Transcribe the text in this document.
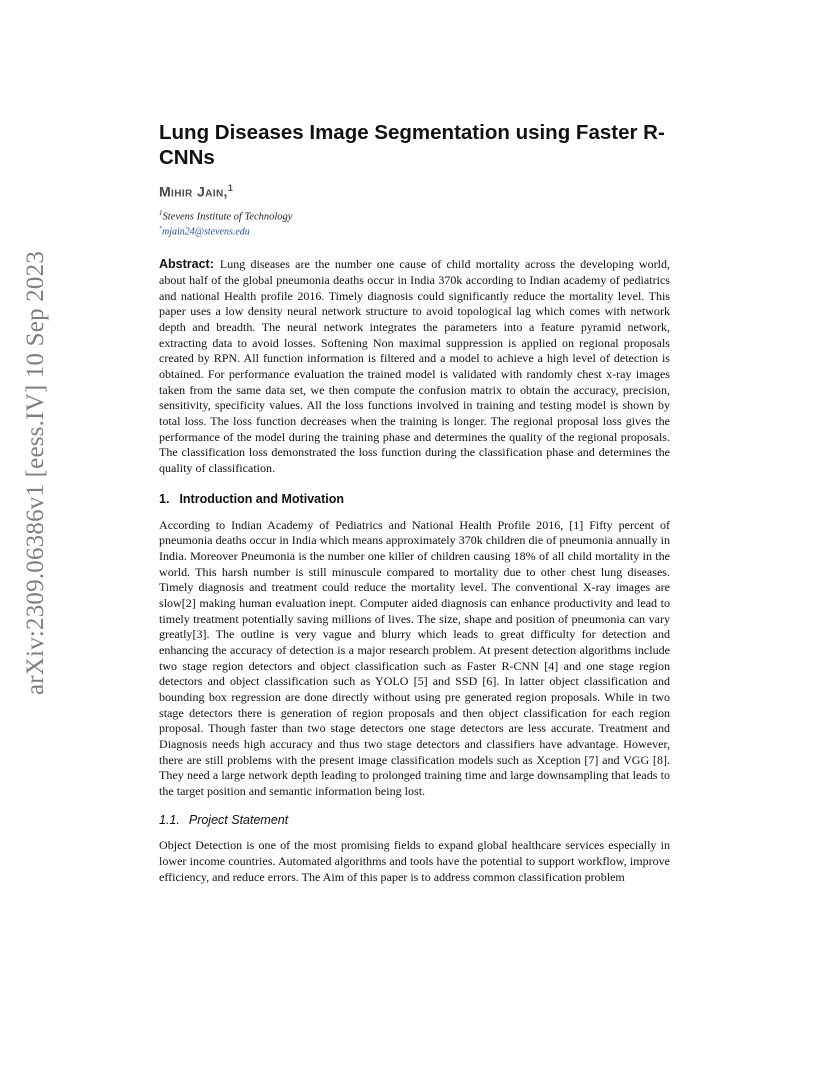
arXiv:2309.06386v1 [eess.IV] 10 Sep 2023
Lung Diseases Image Segmentation using Faster R-CNNs
Mihir Jain,$^1$
$^1$Stevens Institute of Technology
*mjain24@stevens.edu
Abstract: Lung diseases are the number one cause of child mortality across the developing world, about half of the global pneumonia deaths occur in India 370k according to Indian academy of pediatrics and national Health profile 2016. Timely diagnosis could significantly reduce the mortality level. This paper uses a low density neural network structure to avoid topological lag which comes with network depth and breadth. The neural network integrates the parameters into a feature pyramid network, extracting data to avoid losses. Softening Non maximal suppression is applied on regional proposals created by RPN. All function information is filtered and a model to achieve a high level of detection is obtained. For performance evaluation the trained model is validated with randomly chest x-ray images taken from the same data set, we then compute the confusion matrix to obtain the accuracy, precision, sensitivity, specificity values. All the loss functions involved in training and testing model is shown by total loss. The loss function decreases when the training is longer. The regional proposal loss gives the performance of the model during the training phase and determines the quality of the regional proposals. The classification loss demonstrated the loss function during the classification phase and determines the quality of classification.
1. Introduction and Motivation
According to Indian Academy of Pediatrics and National Health Profile 2016, [1] Fifty percent of pneumonia deaths occur in India which means approximately 370k children die of pneumonia annually in India. Moreover Pneumonia is the number one killer of children causing 18% of all child mortality in the world. This harsh number is still minuscule compared to mortality due to other chest lung diseases. Timely diagnosis and treatment could reduce the mortality level. The conventional X-ray images are slow[2] making human evaluation inept. Computer aided diagnosis can enhance productivity and lead to timely treatment potentially saving millions of lives. The size, shape and position of pneumonia can vary greatly[3]. The outline is very vague and blurry which leads to great difficulty for detection and enhancing the accuracy of detection is a major research problem. At present detection algorithms include two stage region detectors and object classification such as Faster R-CNN [4] and one stage region detectors and object classification such as YOLO [5] and SSD [6]. In latter object classification and bounding box regression are done directly without using pre generated region proposals. While in two stage detectors there is generation of region proposals and then object classification for each region proposal. Though faster than two stage detectors one stage detectors are less accurate. Treatment and Diagnosis needs high accuracy and thus two stage detectors and classifiers have advantage. However, there are still problems with the present image classification models such as Xception [7] and VGG [8]. They need a large network depth leading to prolonged training time and large downsampling that leads to the target position and semantic information being lost.
1.1. Project Statement
Object Detection is one of the most promising fields to expand global healthcare services especially in lower income countries. Automated algorithms and tools have the potential to support workflow, improve efficiency, and reduce errors. The Aim of this paper is to address common classification problem
